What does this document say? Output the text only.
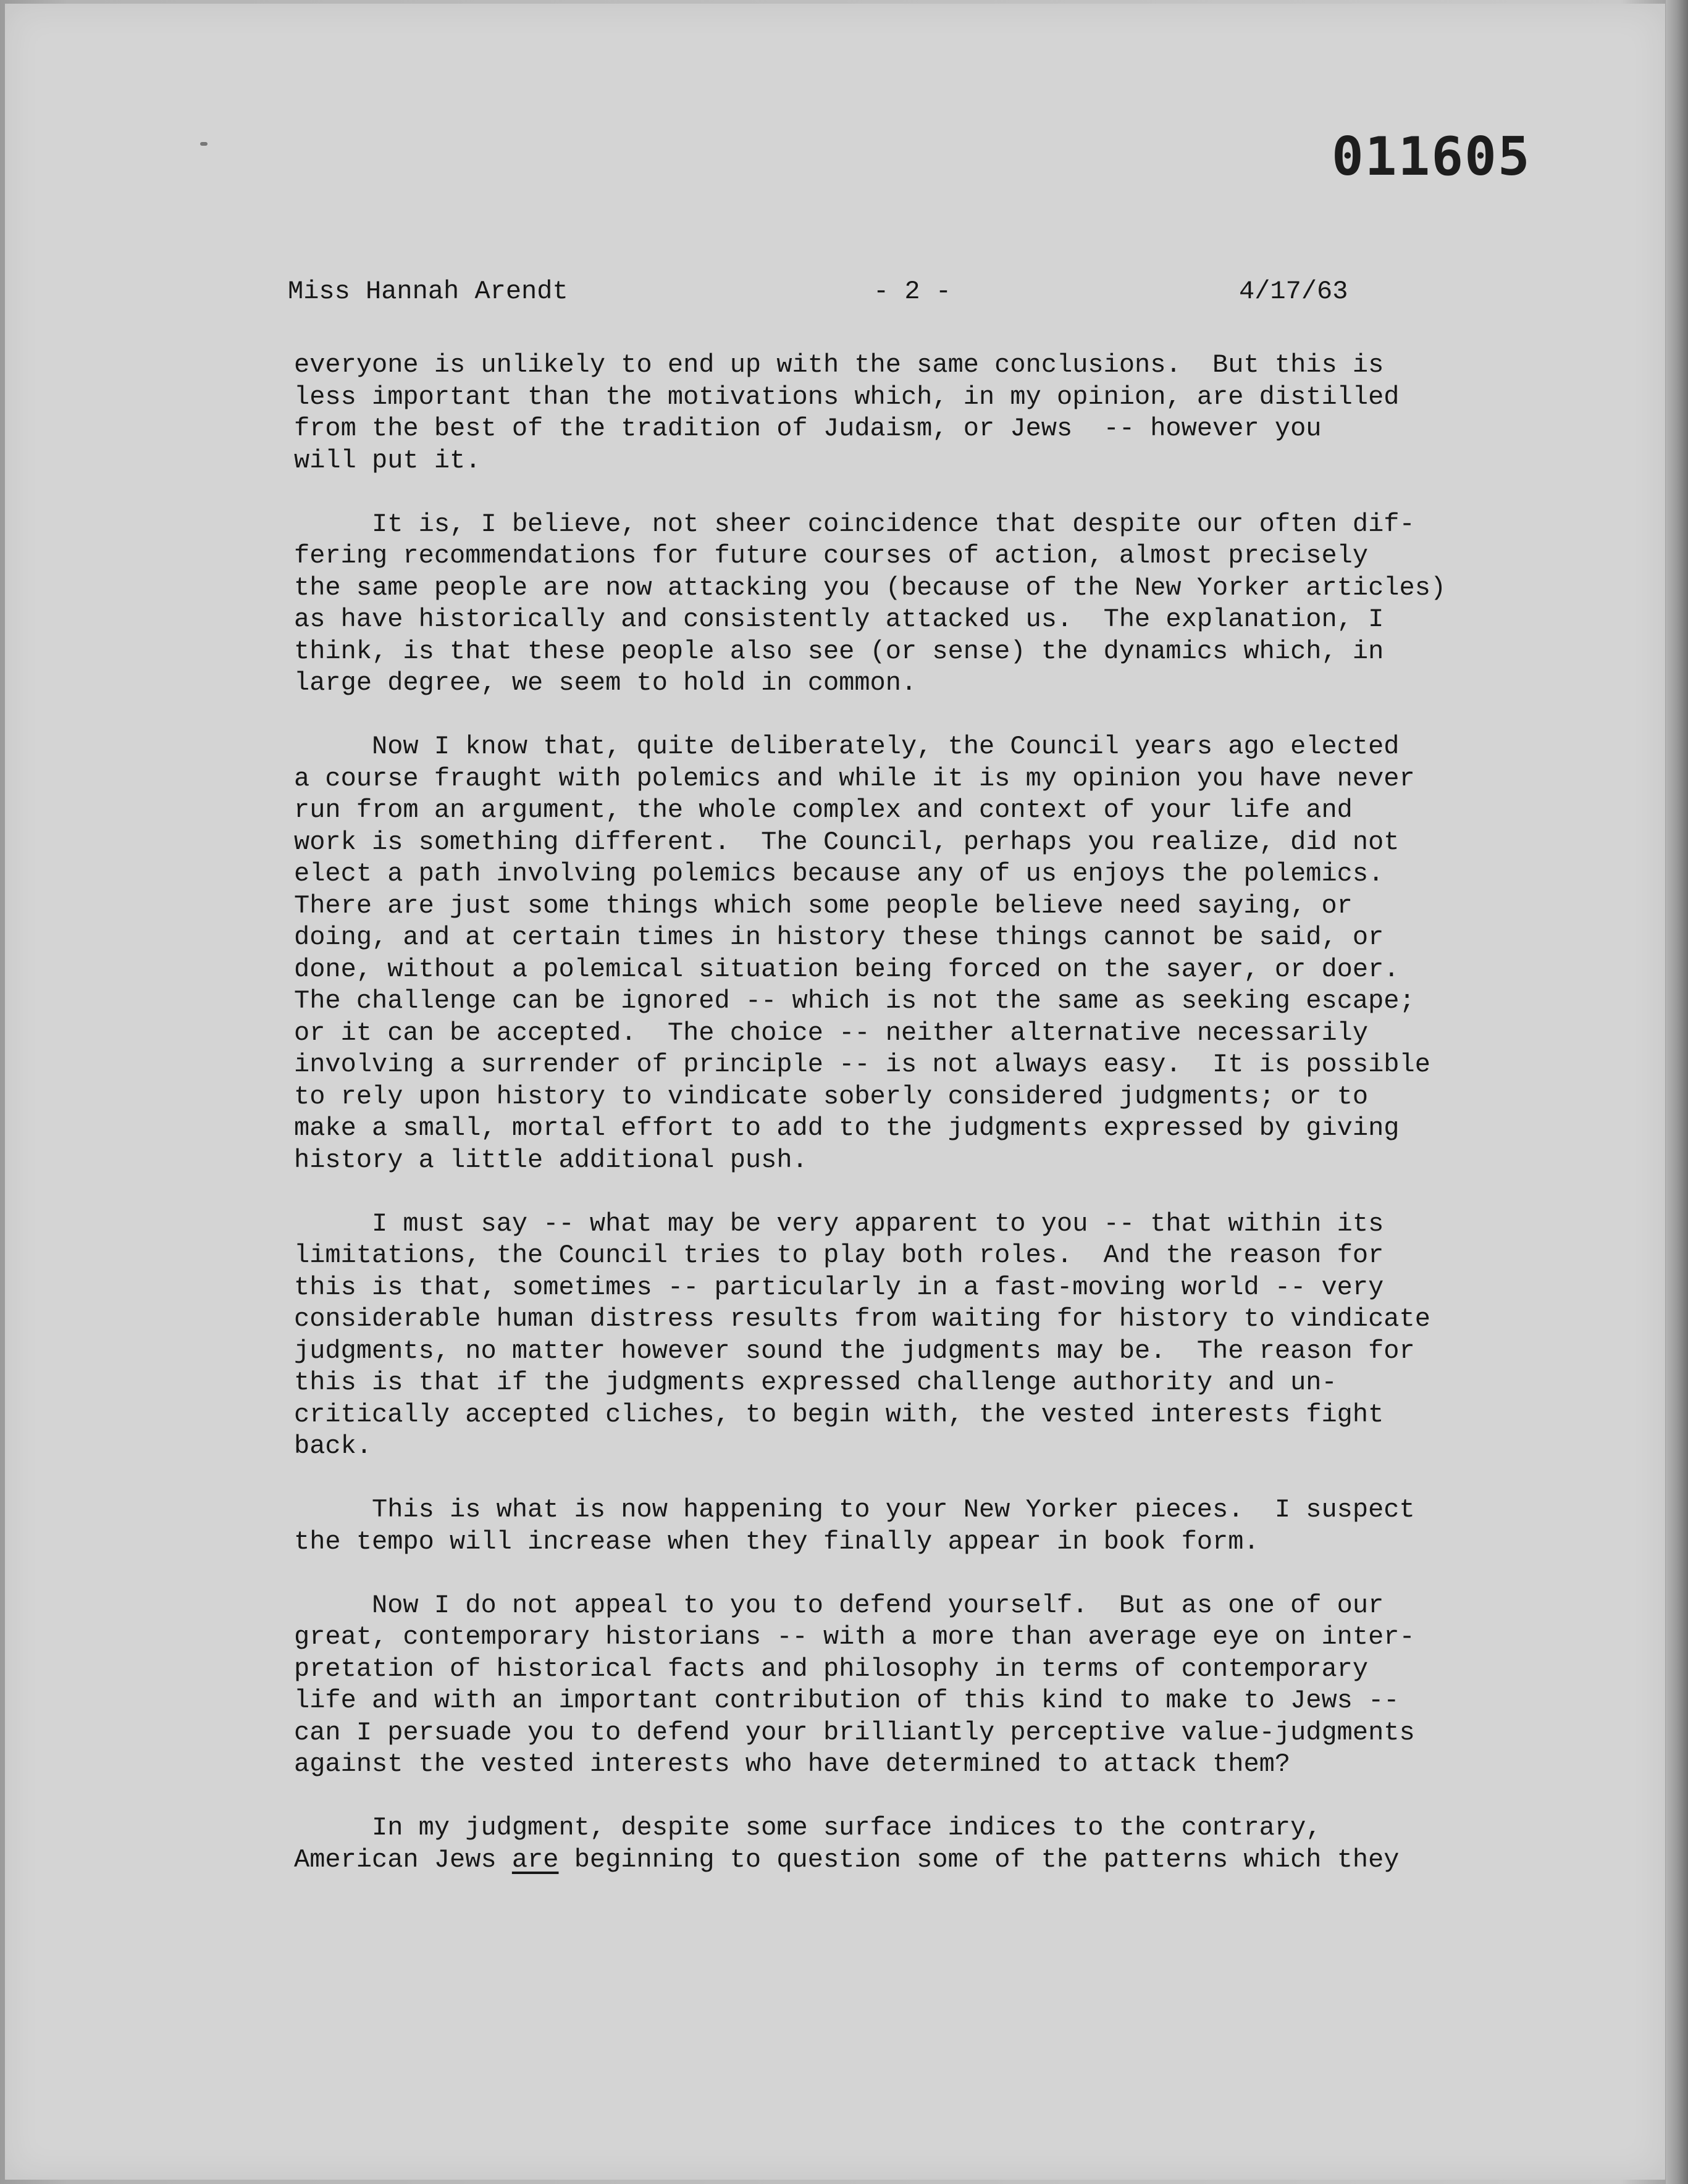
011605
Miss Hannah Arendt	- 2 -	4/17/63
everyone is unlikely to end up with the same conclusions.  But this is
less important than the motivations which, in my opinion, are distilled
from the best of the tradition of Judaism, or Jews  -- however you
will put it.
It is, I believe, not sheer coincidence that despite our often dif-
fering recommendations for future courses of action, almost precisely
the same people are now attacking you (because of the New Yorker articles)
as have historically and consistently attacked us.  The explanation, I
think, is that these people also see (or sense) the dynamics which, in
large degree, we seem to hold in common.
Now I know that, quite deliberately, the Council years ago elected
a course fraught with polemics and while it is my opinion you have never
run from an argument, the whole complex and context of your life and
work is something different.  The Council, perhaps you realize, did not
elect a path involving polemics because any of us enjoys the polemics.
There are just some things which some people believe need saying, or
doing, and at certain times in history these things cannot be said, or
done, without a polemical situation being forced on the sayer, or doer.
The challenge can be ignored -- which is not the same as seeking escape;
or it can be accepted.  The choice -- neither alternative necessarily
involving a surrender of principle -- is not always easy.  It is possible
to rely upon history to vindicate soberly considered judgments; or to
make a small, mortal effort to add to the judgments expressed by giving
history a little additional push.
I must say -- what may be very apparent to you -- that within its
limitations, the Council tries to play both roles.  And the reason for
this is that, sometimes -- particularly in a fast-moving world -- very
considerable human distress results from waiting for history to vindicate
judgments, no matter however sound the judgments may be.  The reason for
this is that if the judgments expressed challenge authority and un-
critically accepted cliches, to begin with, the vested interests fight
back.
This is what is now happening to your New Yorker pieces.  I suspect
the tempo will increase when they finally appear in book form.
Now I do not appeal to you to defend yourself.  But as one of our
great, contemporary historians -- with a more than average eye on inter-
pretation of historical facts and philosophy in terms of contemporary
life and with an important contribution of this kind to make to Jews --
can I persuade you to defend your brilliantly perceptive value-judgments
against the vested interests who have determined to attack them?
In my judgment, despite some surface indices to the contrary,
American Jews are beginning to question some of the patterns which they
